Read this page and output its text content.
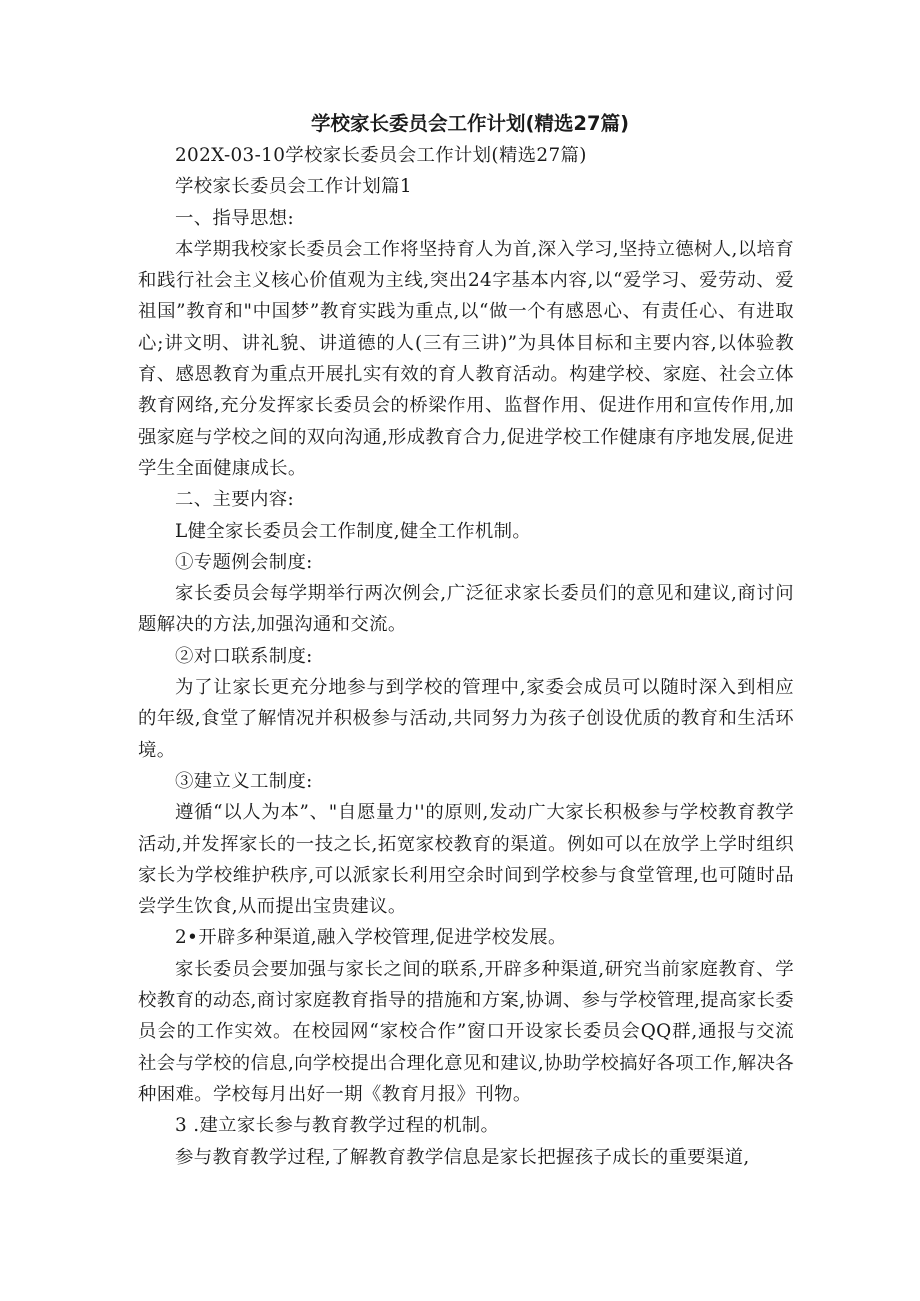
学校家长委员会工作计划(精选27篇)

202X-03-10学校家长委员会工作计划(精选27篇)

学校家长委员会工作计划篇1

一、指导思想:

本学期我校家长委员会工作将坚持育人为首,深入学习,坚持立德树人,以培育和践行社会主义核心价值观为主线,突出24字基本内容,以“爱学习、爱劳动、爱祖国”教育和"中国梦”教育实践为重点,以“做一个有感恩心、有责任心、有进取心;讲文明、讲礼貌、讲道德的人(三有三讲)”为具体目标和主要内容,以体验教育、感恩教育为重点开展扎实有效的育人教育活动。构建学校、家庭、社会立体教育网络,充分发挥家长委员会的桥梁作用、监督作用、促进作用和宣传作用,加强家庭与学校之间的双向沟通,形成教育合力,促进学校工作健康有序地发展,促进学生全面健康成长。

二、主要内容:

L健全家长委员会工作制度,健全工作机制。

①专题例会制度:

家长委员会每学期举行两次例会,广泛征求家长委员们的意见和建议,商讨问题解决的方法,加强沟通和交流。

②对口联系制度:

为了让家长更充分地参与到学校的管理中,家委会成员可以随时深入到相应的年级,食堂了解情况并积极参与活动,共同努力为孩子创设优质的教育和生活环境。

③建立义工制度:

遵循“以人为本”、"自愿量力''的原则,发动广大家长积极参与学校教育教学活动,并发挥家长的一技之长,拓宽家校教育的渠道。例如可以在放学上学时组织家长为学校维护秩序,可以派家长利用空余时间到学校参与食堂管理,也可随时品尝学生饮食,从而提出宝贵建议。

2•开辟多种渠道,融入学校管理,促进学校发展。

家长委员会要加强与家长之间的联系,开辟多种渠道,研究当前家庭教育、学校教育的动态,商讨家庭教育指导的措施和方案,协调、参与学校管理,提高家长委员会的工作实效。在校园网“家校合作”窗口开设家长委员会QQ群,通报与交流社会与学校的信息,向学校提出合理化意见和建议,协助学校搞好各项工作,解决各种困难。学校每月出好一期《教育月报》刊物。

3 .建立家长参与教育教学过程的机制。

参与教育教学过程,了解教育教学信息是家长把握孩子成长的重要渠道,
